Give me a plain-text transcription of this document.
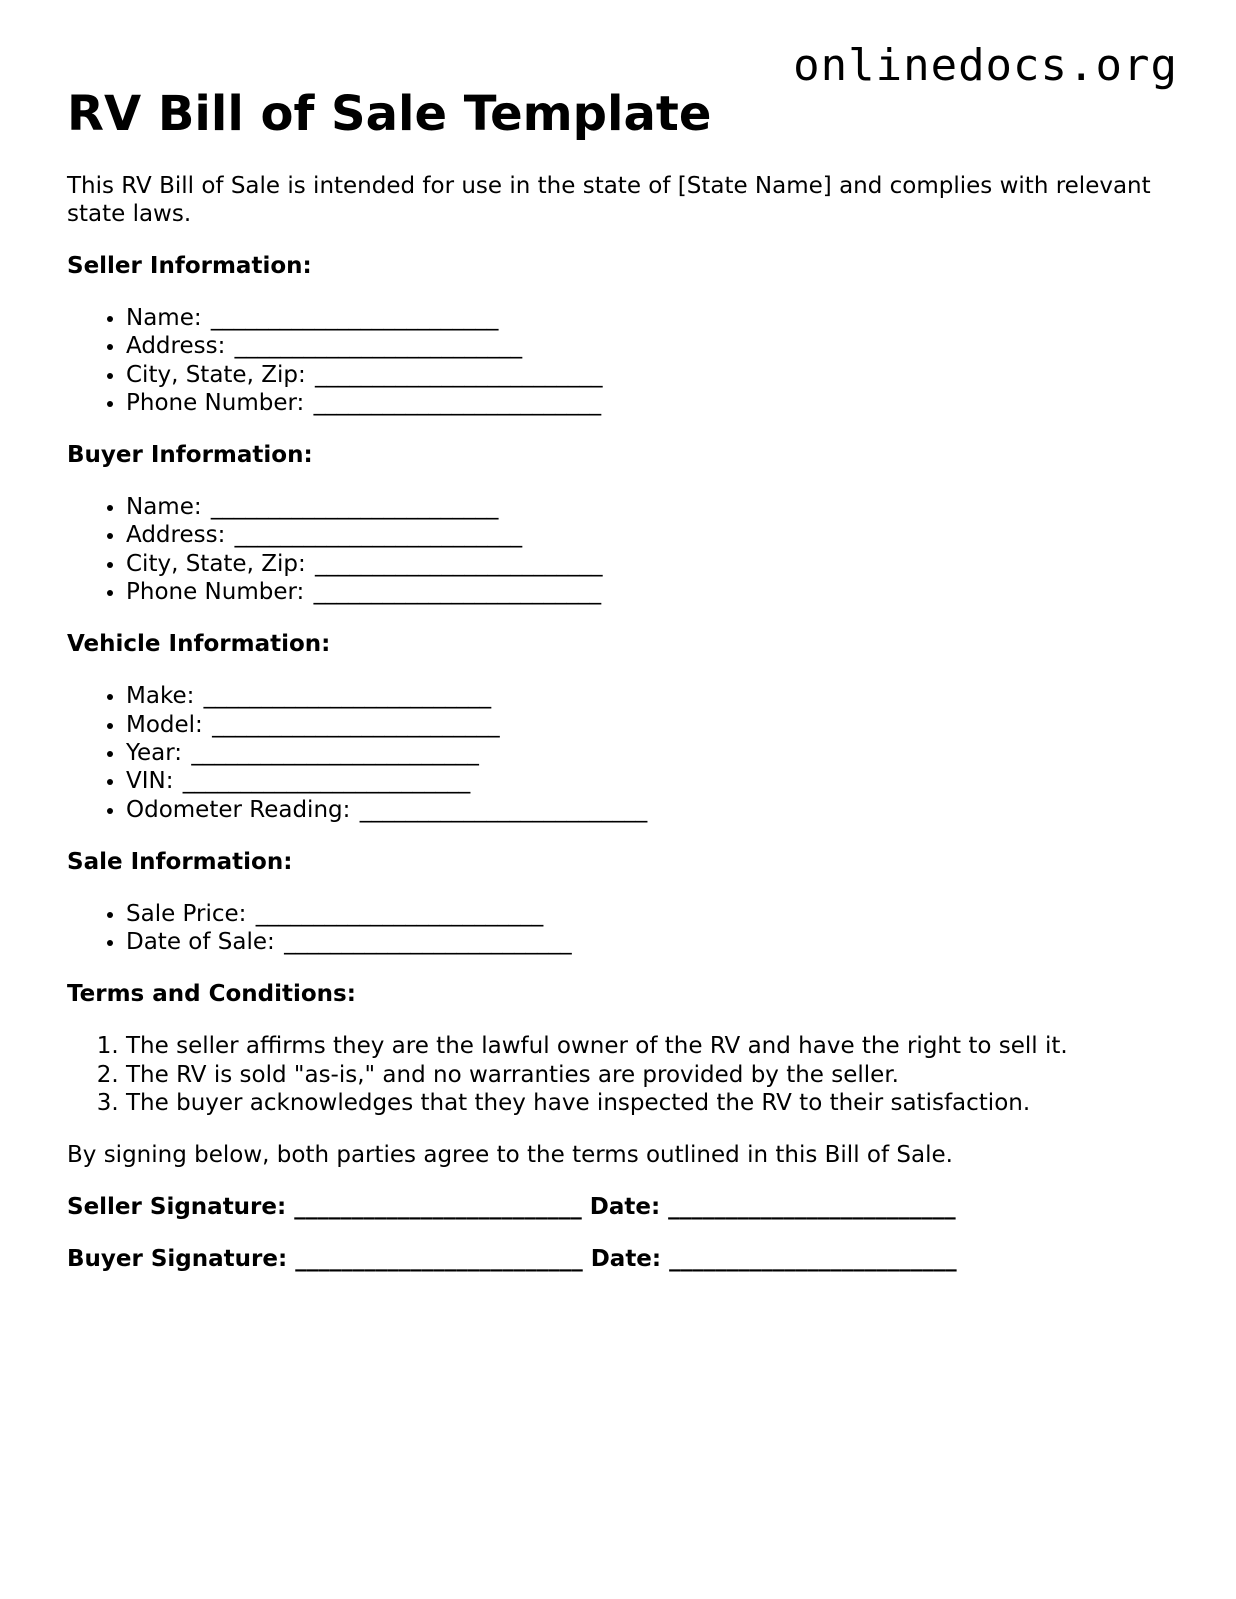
onlinedocs.org
RV Bill of Sale Template

This RV Bill of Sale is intended for use in the state of [State Name] and complies with relevant state laws.

Seller Information:

• Name: _________________________
• Address: _________________________
• City, State, Zip: _________________________
• Phone Number: _________________________

Buyer Information:

• Name: _________________________
• Address: _________________________
• City, State, Zip: _________________________
• Phone Number: _________________________

Vehicle Information:

• Make: _________________________
• Model: _________________________
• Year: _________________________
• VIN: _________________________
• Odometer Reading: _________________________

Sale Information:

• Sale Price: _________________________
• Date of Sale: _________________________

Terms and Conditions:

1. The seller affirms they are the lawful owner of the RV and have the right to sell it.
2. The RV is sold "as-is," and no warranties are provided by the seller.
3. The buyer acknowledges that they have inspected the RV to their satisfaction.

By signing below, both parties agree to the terms outlined in this Bill of Sale.

Seller Signature: _________________________ Date: _________________________

Buyer Signature: _________________________ Date: _________________________
